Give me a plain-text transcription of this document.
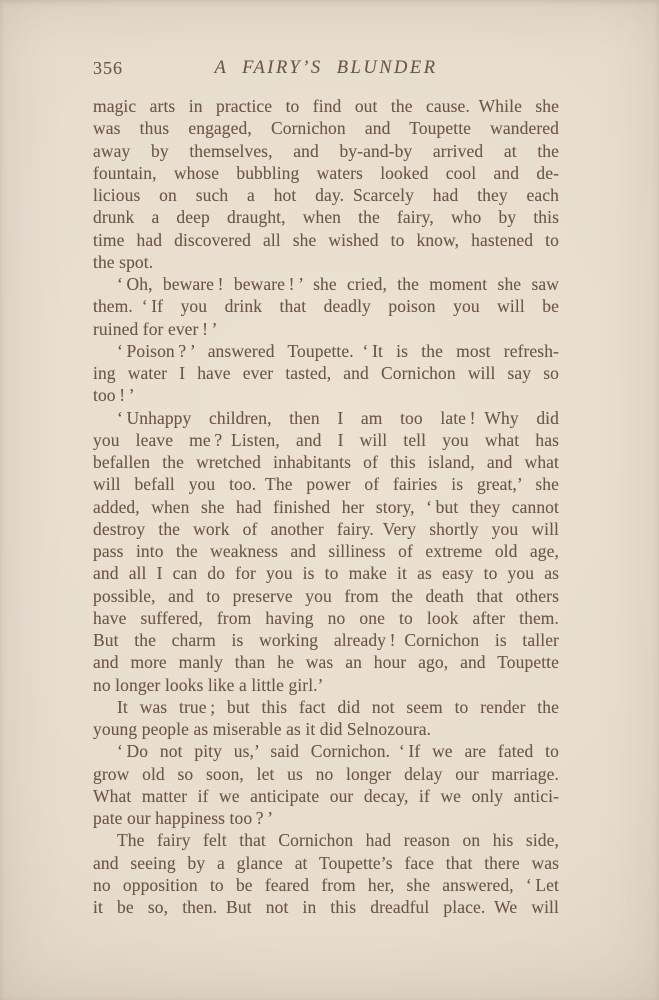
356	A FAIRY’S BLUNDER
magic arts in practice to find out the cause. While she
was thus engaged, Cornichon and Toupette wandered
away by themselves, and by-and-by arrived at the
fountain, whose bubbling waters looked cool and de-
licious on such a hot day. Scarcely had they each
drunk a deep draught, when the fairy, who by this
time had discovered all she wished to know, hastened to
the spot.
‘ Oh, beware ! beware ! ’ she cried, the moment she saw
them. ‘ If you drink that deadly poison you will be
ruined for ever ! ’
‘ Poison ? ’ answered Toupette. ‘ It is the most refresh-
ing water I have ever tasted, and Cornichon will say so
too ! ’
‘ Unhappy children, then I am too late ! Why did
you leave me ? Listen, and I will tell you what has
befallen the wretched inhabitants of this island, and what
will befall you too. The power of fairies is great,’ she
added, when she had finished her story, ‘ but they cannot
destroy the work of another fairy. Very shortly you will
pass into the weakness and silliness of extreme old age,
and all I can do for you is to make it as easy to you as
possible, and to preserve you from the death that others
have suffered, from having no one to look after them.
But the charm is working already ! Cornichon is taller
and more manly than he was an hour ago, and Toupette
no longer looks like a little girl.’
It was true ; but this fact did not seem to render the
young people as miserable as it did Selnozoura.
‘ Do not pity us,’ said Cornichon. ‘ If we are fated to
grow old so soon, let us no longer delay our marriage.
What matter if we anticipate our decay, if we only antici-
pate our happiness too ? ’
The fairy felt that Cornichon had reason on his side,
and seeing by a glance at Toupette’s face that there was
no opposition to be feared from her, she answered, ‘ Let
it be so, then. But not in this dreadful place. We will
